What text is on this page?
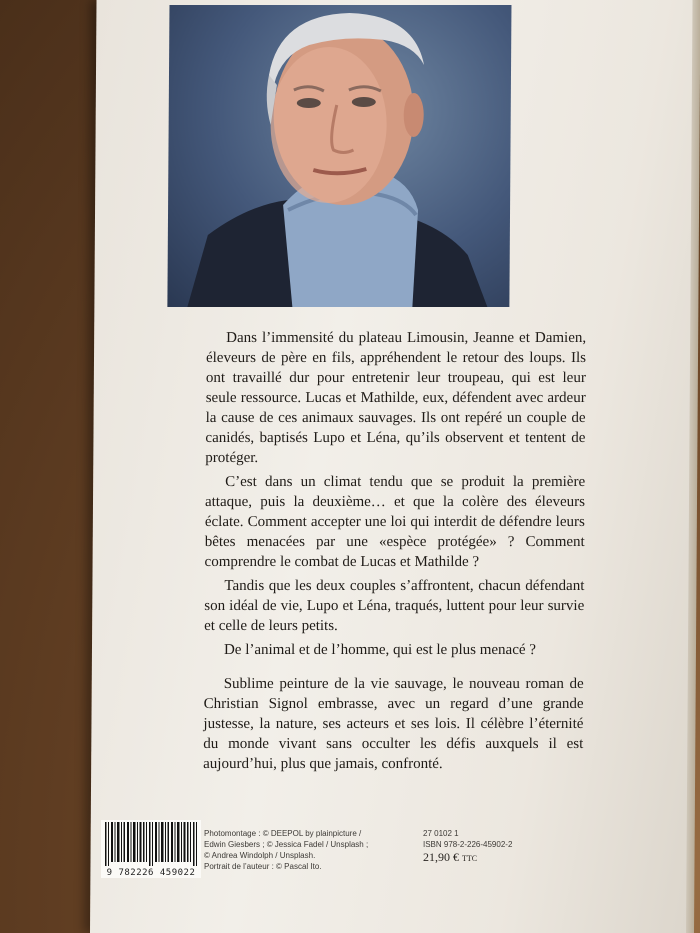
Dans l’immensité du plateau Limousin, Jeanne et Damien, éleveurs de père en fils, appréhendent le retour des loups. Ils ont travaillé dur pour entretenir leur troupeau, qui est leur seule ressource. Lucas et Mathilde, eux, défendent avec ardeur la cause de ces animaux sauvages. Ils ont repéré un couple de canidés, baptisés Lupo et Léna, qu’ils observent et tentent de protéger.

C’est dans un climat tendu que se produit la première attaque, puis la deuxième… et que la colère des éleveurs éclate. Comment accepter une loi qui interdit de défendre leurs bêtes menacées par une «espèce protégée» ? Comment comprendre le combat de Lucas et Mathilde ?

Tandis que les deux couples s’affrontent, chacun défendant son idéal de vie, Lupo et Léna, traqués, luttent pour leur survie et celle de leurs petits.

De l’animal et de l’homme, qui est le plus menacé ?

Sublime peinture de la vie sauvage, le nouveau roman de Christian Signol embrasse, avec un regard d’une grande justesse, la nature, ses acteurs et ses lois. Il célèbre l’éternité du monde vivant sans occulter les défis auxquels il est aujourd’hui, plus que jamais, confronté.

9 782226 459022
Photomontage : © DEEPOL by plainpicture /
Edwin Giesbers ; © Jessica Fadel / Unsplash ;
© Andrea Windolph / Unsplash.
Portrait de l’auteur : © Pascal Ito.
27 0102 1
ISBN 978-2-226-45902-2
21,90 € TTC
